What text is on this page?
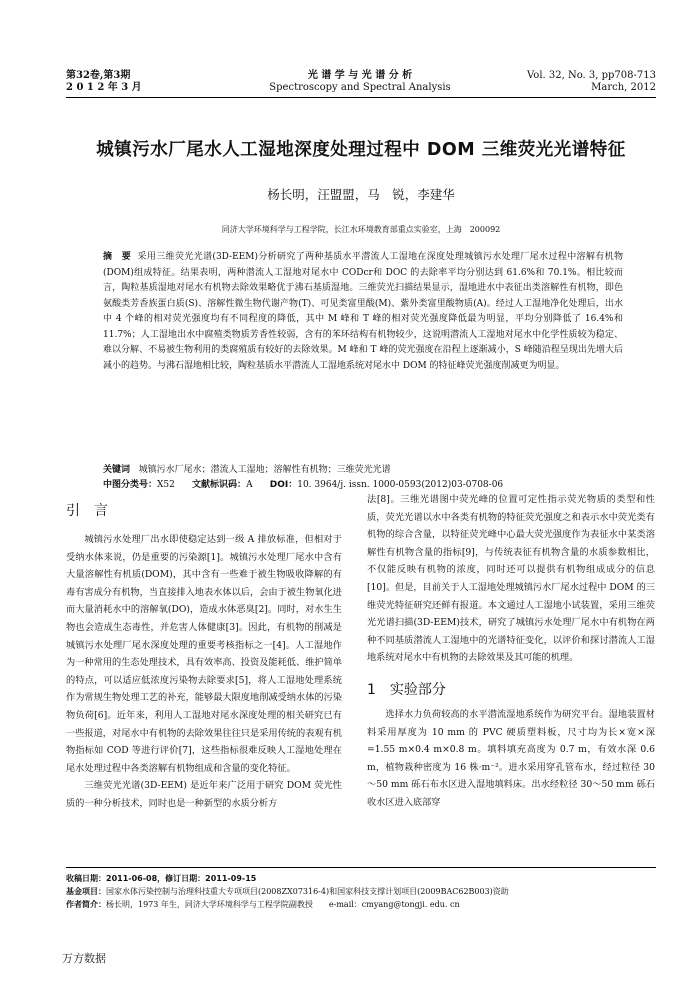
第32卷,第3期
2 0 1 2 年 3 月
光 谱 学 与 光 谱 分 析
Spectroscopy and Spectral Analysis
Vol. 32, No. 3, pp708-713
March, 2012
城镇污水厂尾水人工湿地深度处理过程中 DOM 三维荧光光谱特征
杨长明，汪盟盟，马　锐，李建华
同济大学环境科学与工程学院，长江水环境教育部重点实验室，上海　200092
摘　要 采用三维荧光光谱(3D-EEM)分析研究了两种基质水平潜流人工湿地在深度处理城镇污水处理厂尾水过程中溶解有机物(DOM)组成特征。结果表明，两种潜流人工湿地对尾水中 CODcr和 DOC 的去除率平均分别达到 61.6%和 70.1%。相比较而言，陶粒基质湿地对尾水有机物去除效果略优于沸石基质湿地。三维荧光扫描结果显示，湿地进水中表征出类溶解性有机物，即色氨酸类芳香族蛋白质(S)、溶解性微生物代谢产物(T)、可见类富里酸(M)、紫外类富里酸物质(A)。经过人工湿地净化处理后，出水中 4 个峰的相对荧光强度均有不同程度的降低，其中 M 峰和 T 峰的相对荧光强度降低最为明显，平均分别降低了 16.4%和 11.7%；人工湿地出水中腐殖类物质芳香性较弱，含有的苯环结构有机物较少，这说明潜流人工湿地对尾水中化学性质较为稳定、难以分解、不易被生物利用的类腐殖质有较好的去除效果。M 峰和 T 峰的荧光强度在沿程上逐渐减小，S 峰随沿程呈现出先增大后减小的趋势。与沸石湿地相比较，陶粒基质水平潜流人工湿地系统对尾水中 DOM 的特征峰荧光强度削减更为明显。
关键词 城镇污水厂尾水；潜流人工湿地；溶解性有机物；三维荧光光谱
中图分类号：X52 文献标识码：A DOI：10. 3964/j. issn. 1000-0593(2012)03-0708-06
引　言

城镇污水处理厂出水即使稳定达到一级 A 排放标准，但相对于受纳水体来说，仍是重要的污染源[1]。城镇污水处理厂尾水中含有大量溶解性有机质(DOM)，其中含有一些难于被生物吸收降解的有毒有害成分有机物，当直接排入地表水体以后，会由于被生物氧化进而大量消耗水中的溶解氧(DO)，造成水体恶臭[2]。同时，对水生生物也会造成生态毒性，并危害人体健康[3]。因此，有机物的削减是城镇污水处理厂尾水深度处理的重要考核指标之一[4]。人工湿地作为一种常用的生态处理技术，具有效率高、投资及能耗低、维护简单的特点，可以适应低浓度污染物去除要求[5]，将人工湿地处理系统作为常规生物处理工艺的补充，能够最大限度地削减受纳水体的污染物负荷[6]。近年来，利用人工湿地对尾水深度处理的相关研究已有一些报道，对尾水中有机物的去除效果往往只是采用传统的表观有机物指标如 COD 等进行评价[7]，这些指标很难反映人工湿地处理在尾水处理过程中各类溶解有机物组成和含量的变化特征。

三维荧光光谱(3D-EEM) 是近年来广泛用于研究 DOM 荧光性质的一种分析技术，同时也是一种新型的水质分析方

法[8]。三维光谱图中荧光峰的位置可定性指示荧光物质的类型和性质，荧光光谱以水中各类有机物的特征荧光强度之和表示水中荧光类有机物的综合含量，以特征荧光峰中心最大荧光强度作为表征水中某类溶解性有机物含量的指标[9]，与传统表征有机物含量的水质参数相比，不仅能反映有机物的浓度，同时还可以提供有机物组成成分的信息[10]。但是，目前关于人工湿地处理城镇污水厂尾水过程中 DOM 的三维荧光特征研究还鲜有报道。本文通过人工湿地小试装置，采用三维荧光光谱扫描(3D-EEM)技术，研究了城镇污水处理厂尾水中有机物在两种不同基质潜流人工湿地中的光谱特征变化，以评价和探讨潜流人工湿地系统对尾水中有机物的去除效果及其可能的机理。

1　实验部分

选择水力负荷较高的水平潜流湿地系统作为研究平台。湿地装置材料采用厚度为 10 mm 的 PVC 硬质塑料板，尺寸均为长×宽×深=1.55 m×0.4 m×0.8 m。填料填充高度为 0.7 m，有效水深 0.6 m，植物栽种密度为 16 株·m⁻²。进水采用穿孔管布水，经过粒径 30～50 mm 砾石布水区进入湿地填料床。出水经粒径 30～50 mm 砾石收水区进入底部穿

收稿日期：2011-06-08，修订日期：2011-09-15
基金项目：国家水体污染控制与治理科技重大专项项目(2008ZX07316-4)和国家科技支撑计划项目(2009BAC62B003)资助
作者简介：杨长明，1973 年生，同济大学环境科学与工程学院副教授　　e-mail：cmyang@tongji. edu. cn
万方数据
